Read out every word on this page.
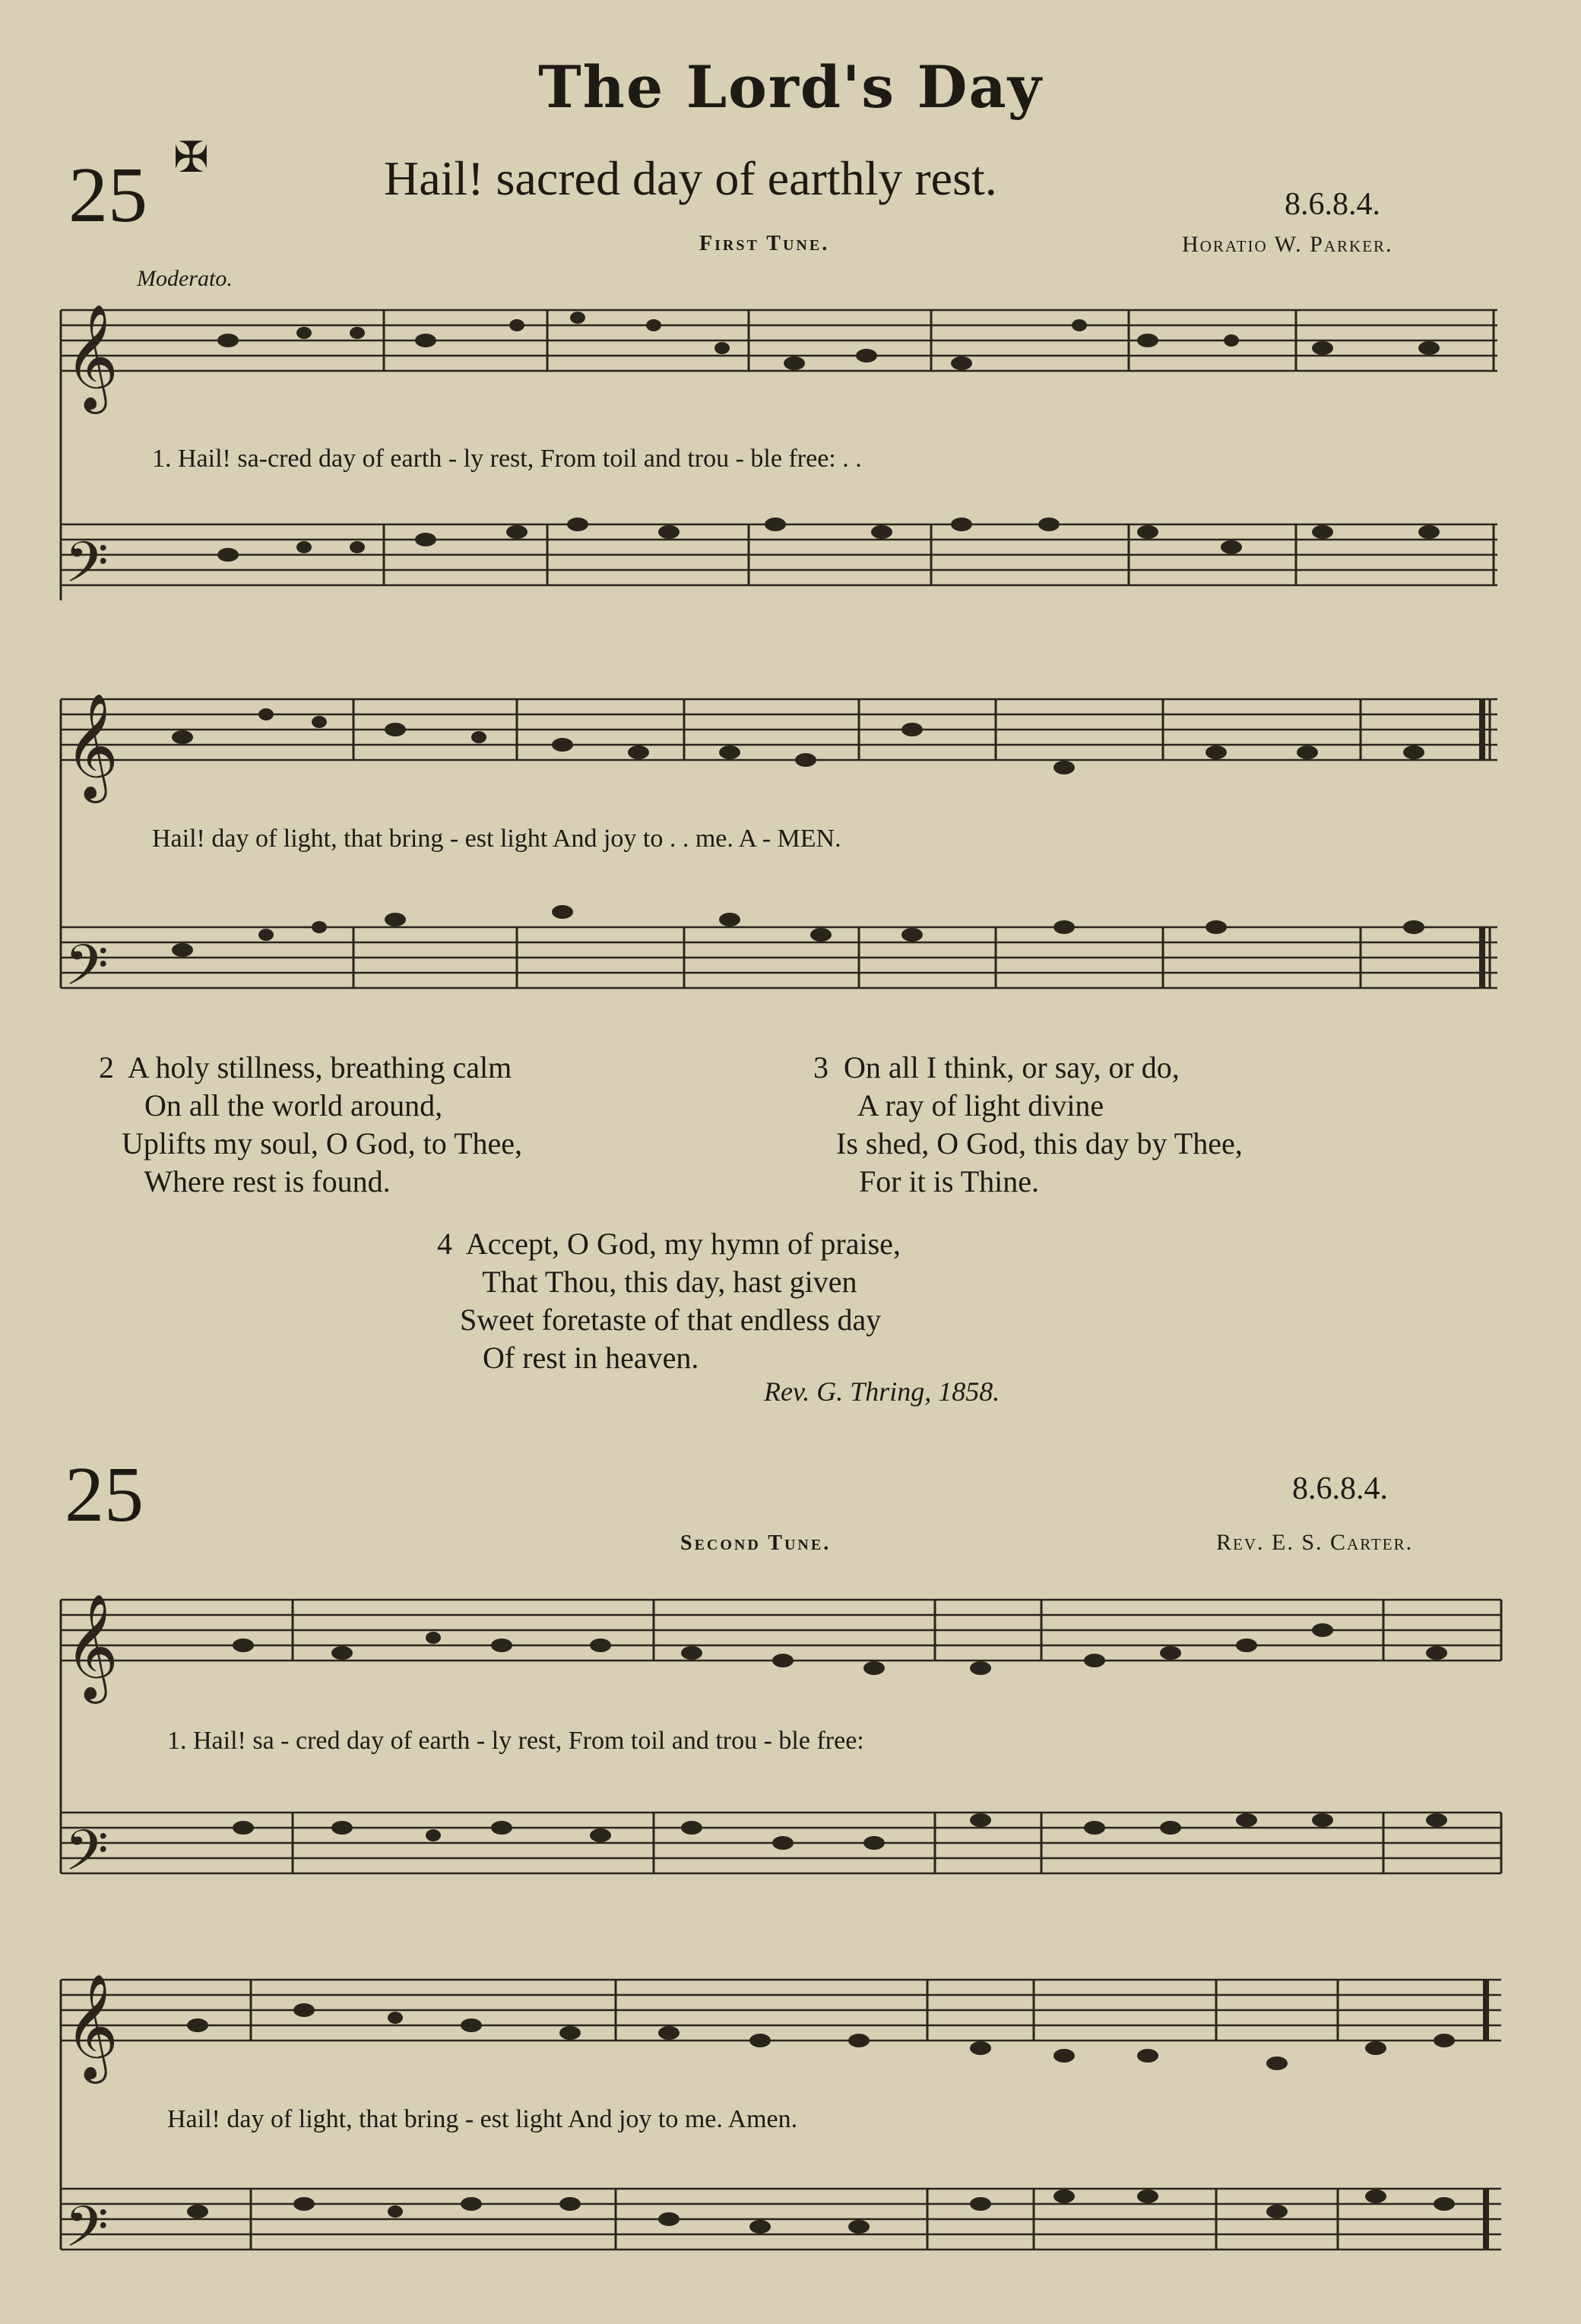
The Lord's Day
25 ✠	Hail! sacred day of earthly rest.	8.6.8.4.
First Tune.	Horatio W. Parker.
Moderato.
𝄞
𝄢
𝄞
𝄢
𝄞
𝄢
𝄞
𝄢
1. Hail! sa-cred day of earth - ly rest, From toil and trou - ble free: . .
Hail! day of light, that bring - est light And joy to . . me. A - MEN.
2  A holy stillness, breathing calm
On all the world around,
Uplifts my soul, O God, to Thee,
Where rest is found.
3  On all I think, or say, or do,
A ray of light divine
Is shed, O God, this day by Thee,
For it is Thine.
4  Accept, O God, my hymn of praise,
That Thou, this day, hast given
Sweet foretaste of that endless day
Of rest in heaven.
Rev. G. Thring, 1858.
25	8.6.8.4.
Second Tune.	Rev. E. S. Carter.
1. Hail! sa - cred day of earth - ly rest, From toil and trou - ble free:
Hail! day of light, that bring - est light And joy to me. Amen.
